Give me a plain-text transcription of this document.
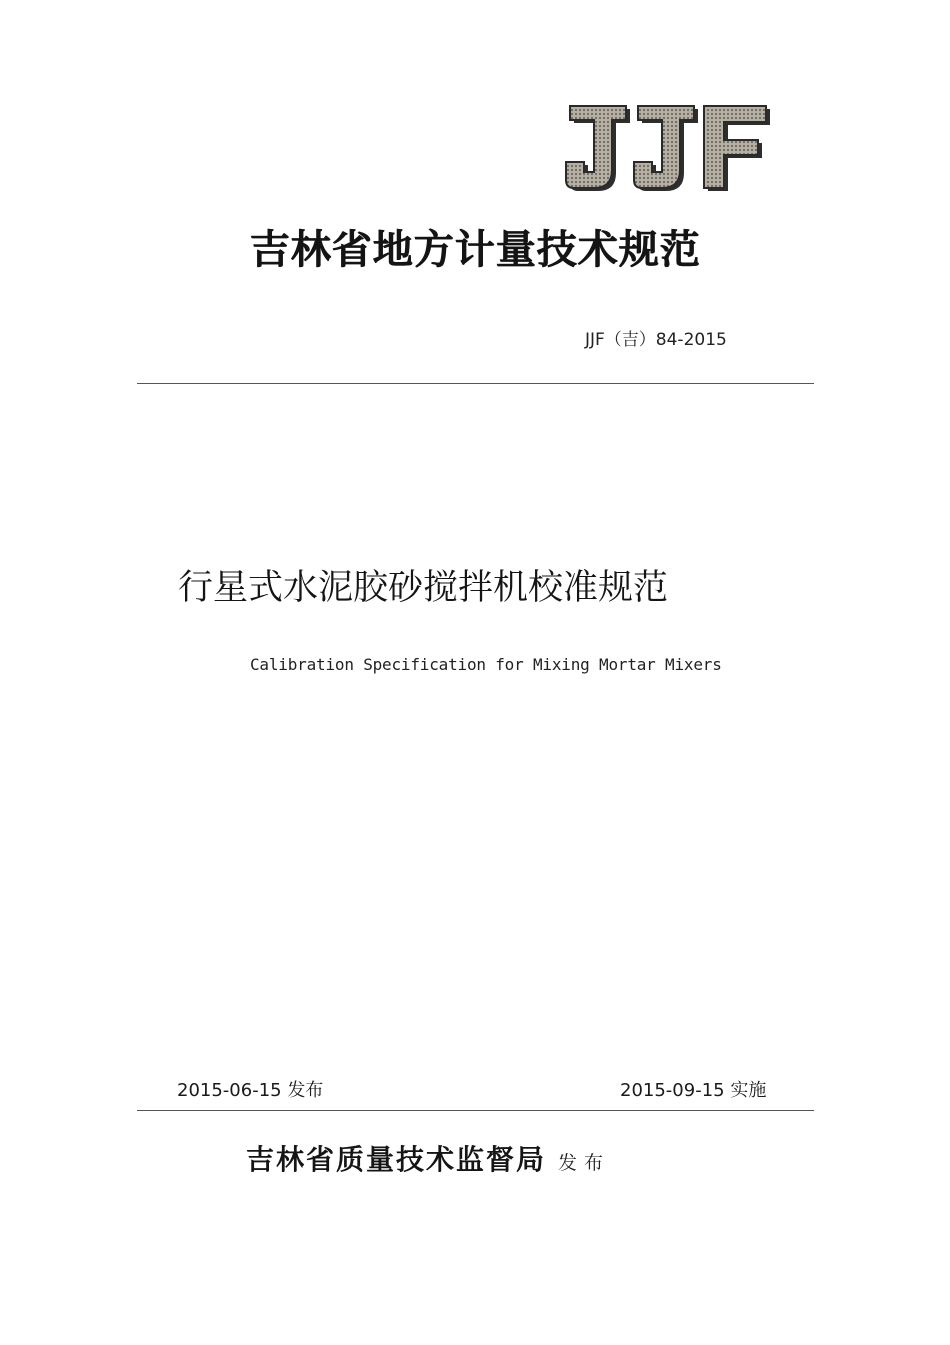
吉林省地方计量技术规范
JJF（吉）84-2015
行星式水泥胶砂搅拌机校准规范
Calibration Specification for Mixing Mortar Mixers
2015-06-15 发布	2015-09-15 实施
吉林省质量技术监督局 发布
